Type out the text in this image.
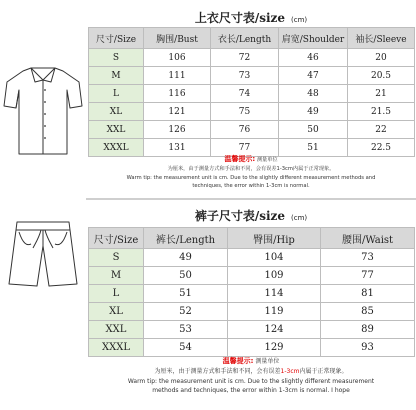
上衣尺寸表/size (cm)
尺寸/Size	胸围/Bust	衣长/Length	肩宽/Shoulder	袖长/Sleeve
S	106	72	46	20
M	111	73	47	20.5
L	116	74	48	21
XL	121	75	49	21.5
XXL	126	76	50	22
XXXL	131	77	51	22.5
温馨提示: 测量单位
为厘米，由于测量方式和手法和不同，会有误差1-3cm内属于正常现象。
Warm tip: the measurement unit is cm. Due to the slightly different measurement methods and
techniques, the error within 1-3cm is normal.
裤子尺寸表/size (cm)
尺寸/Size	裤长/Length	臀围/Hip	腰围/Waist
S	49	104	73
M	50	109	77
L	51	114	81
XL	52	119	85
XXL	53	124	89
XXXL	54	129	93
温馨提示: 测量单位
为厘米，由于测量方式和手法和不同，会有误差1-3cm内属于正常现象。
Warm tip: the measurement unit is cm. Due to the slightly different measurement
methods and techniques, the error within 1-3cm is normal. I hope
